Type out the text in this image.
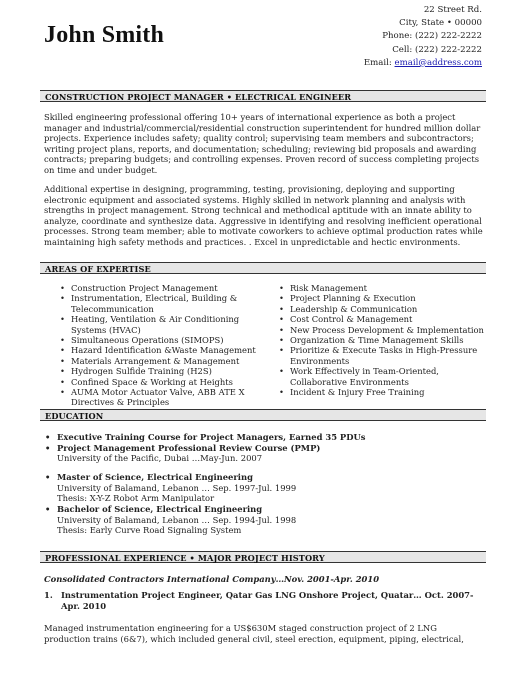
John Smith
22 Street Rd.
City, State • 00000
Phone: (222) 222-2222
Cell: (222) 222-2222
Email: email@address.com
CONSTRUCTION PROJECT MANAGER • ELECTRICAL ENGINEER

Skilled engineering professional offering 10+ years of international experience as both a project manager and industrial/commercial/residential construction superintendent for hundred million dollar projects. Experience includes safety; quality control; supervising team members and subcontractors; writing project plans, reports, and documentation; scheduling; reviewing bid proposals and awarding contracts; preparing budgets; and controlling expenses. Proven record of success completing projects on time and under budget.

Additional expertise in designing, programming, testing, provisioning, deploying and supporting electronic equipment and associated systems. Highly skilled in network planning and analysis with strengths in project management. Strong technical and methodical aptitude with an innate ability to analyze, coordinate and synthesize data. Aggressive in identifying and resolving inefficient operational processes. Strong team member; able to motivate coworkers to achieve optimal production rates while maintaining high safety methods and practices. . Excel in unpredictable and hectic environments.

AREAS OF EXPERTISE
• Construction Project Management
• Instrumentation, Electrical, Building & Telecommunication
• Heating, Ventilation & Air Conditioning Systems (HVAC)
• Simultaneous Operations (SIMOPS)
• Hazard Identification &Waste Management
• Materials Arrangement & Management
• Hydrogen Sulfide Training (H2S)
• Confined Space & Working at Heights
• AUMA Motor Actuator Valve, ABB ATE X Directives & Principles
• Risk Management
• Project Planning & Execution
• Leadership & Communication
• Cost Control & Management
• New Process Development & Implementation
• Organization & Time Management Skills
• Prioritize & Execute Tasks in High-Pressure Environments
• Work Effectively in Team-Oriented, Collaborative Environments
• Incident & Injury Free Training
EDUCATION
• Executive Training Course for Project Managers, Earned 35 PDUs
• Project Management Professional Review Course (PMP)
University of the Pacific, Dubai …May-Jun. 2007
• Master of Science, Electrical Engineering
University of Balamand, Lebanon … Sep. 1997-Jul. 1999
Thesis: X-Y-Z Robot Arm Manipulator
• Bachelor of Science, Electrical Engineering
University of Balamand, Lebanon … Sep. 1994-Jul. 1998
Thesis: Early Curve Road Signaling System
PROFESSIONAL EXPERIENCE • MAJOR PROJECT HISTORY
Consolidated Contractors International Company…Nov. 2001-Apr. 2010
1. Instrumentation Project Engineer, Qatar Gas LNG Onshore Project, Quatar… Oct. 2007-Apr. 2010

Managed instrumentation engineering for a US$630M staged construction project of 2 LNG production trains (6&7), which included general civil, steel erection, equipment, piping, electrical,
